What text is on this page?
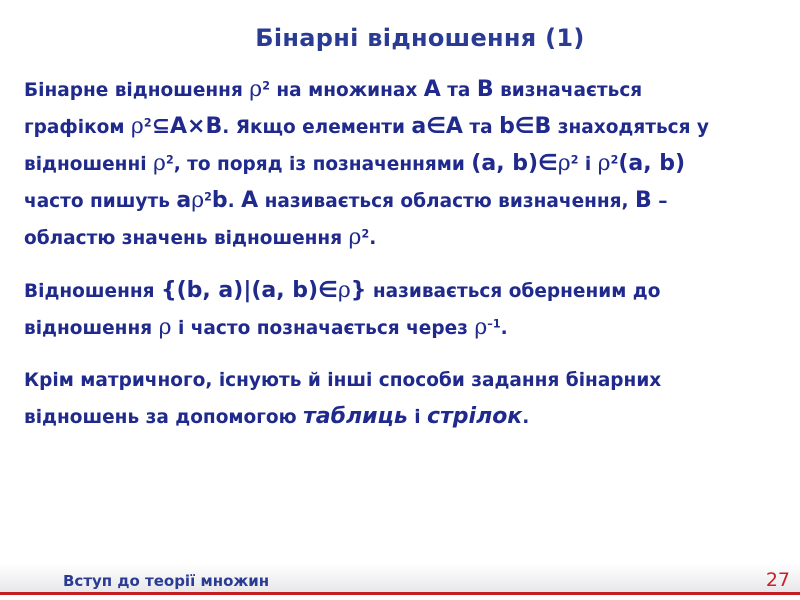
Бінарні відношення (1)
Бінарне відношення $\rho^2$ на множинах A та B визначається
графіком $\rho^2⊆A\times B$. Якщо елементи a∈A та b∈B знаходяться у
відношенні $\rho^2$, то поряд із позначеннями (a, $b)\in\rho^2$ і $\rho^2(a$, b)
часто пишуть $a\rho^2b$. A називається областю визначення, B –
областю значень відношення $\rho^2$.
Відношення {(b, a)|(a, b)∈ρ} називається оберненим до
відношення ρ і часто позначається через $\rho^{-1}$.
Крім матричного, існують й інші способи задання бінарних
відношень за допомогою таблиць і стрілок.
Вступ до теорії множин	27
